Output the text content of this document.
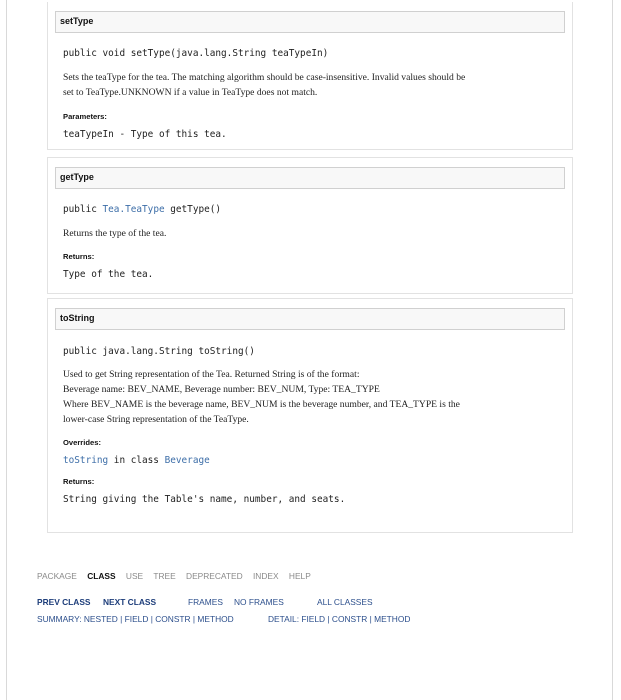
setType
public void setType(java.lang.String teaTypeIn)
Sets the teaType for the tea. The matching algorithm should be case-insensitive. Invalid values should be
set to TeaType.UNKNOWN if a value in TeaType does not match.
Parameters:
teaTypeIn - Type of this tea.
getType
public Tea.TeaType getType()
Returns the type of the tea.
Returns:
Type of the tea.
toString
public java.lang.String toString()
Used to get String representation of the Tea. Returned String is of the format:
Beverage name: BEV_NAME, Beverage number: BEV_NUM, Type: TEA_TYPE
Where BEV_NAME is the beverage name, BEV_NUM is the beverage number, and TEA_TYPE is the
lower-case String representation of the TeaType.
Overrides:
toString in class Beverage
Returns:
String giving the Table's name, number, and seats.
PACKAGE CLASS USE TREE DEPRECATED INDEX HELP
PREV CLASS NEXT CLASS	FRAMES NO FRAMES	ALL CLASSES
SUMMARY: NESTED | FIELD | CONSTR | METHOD	DETAIL: FIELD | CONSTR | METHOD
